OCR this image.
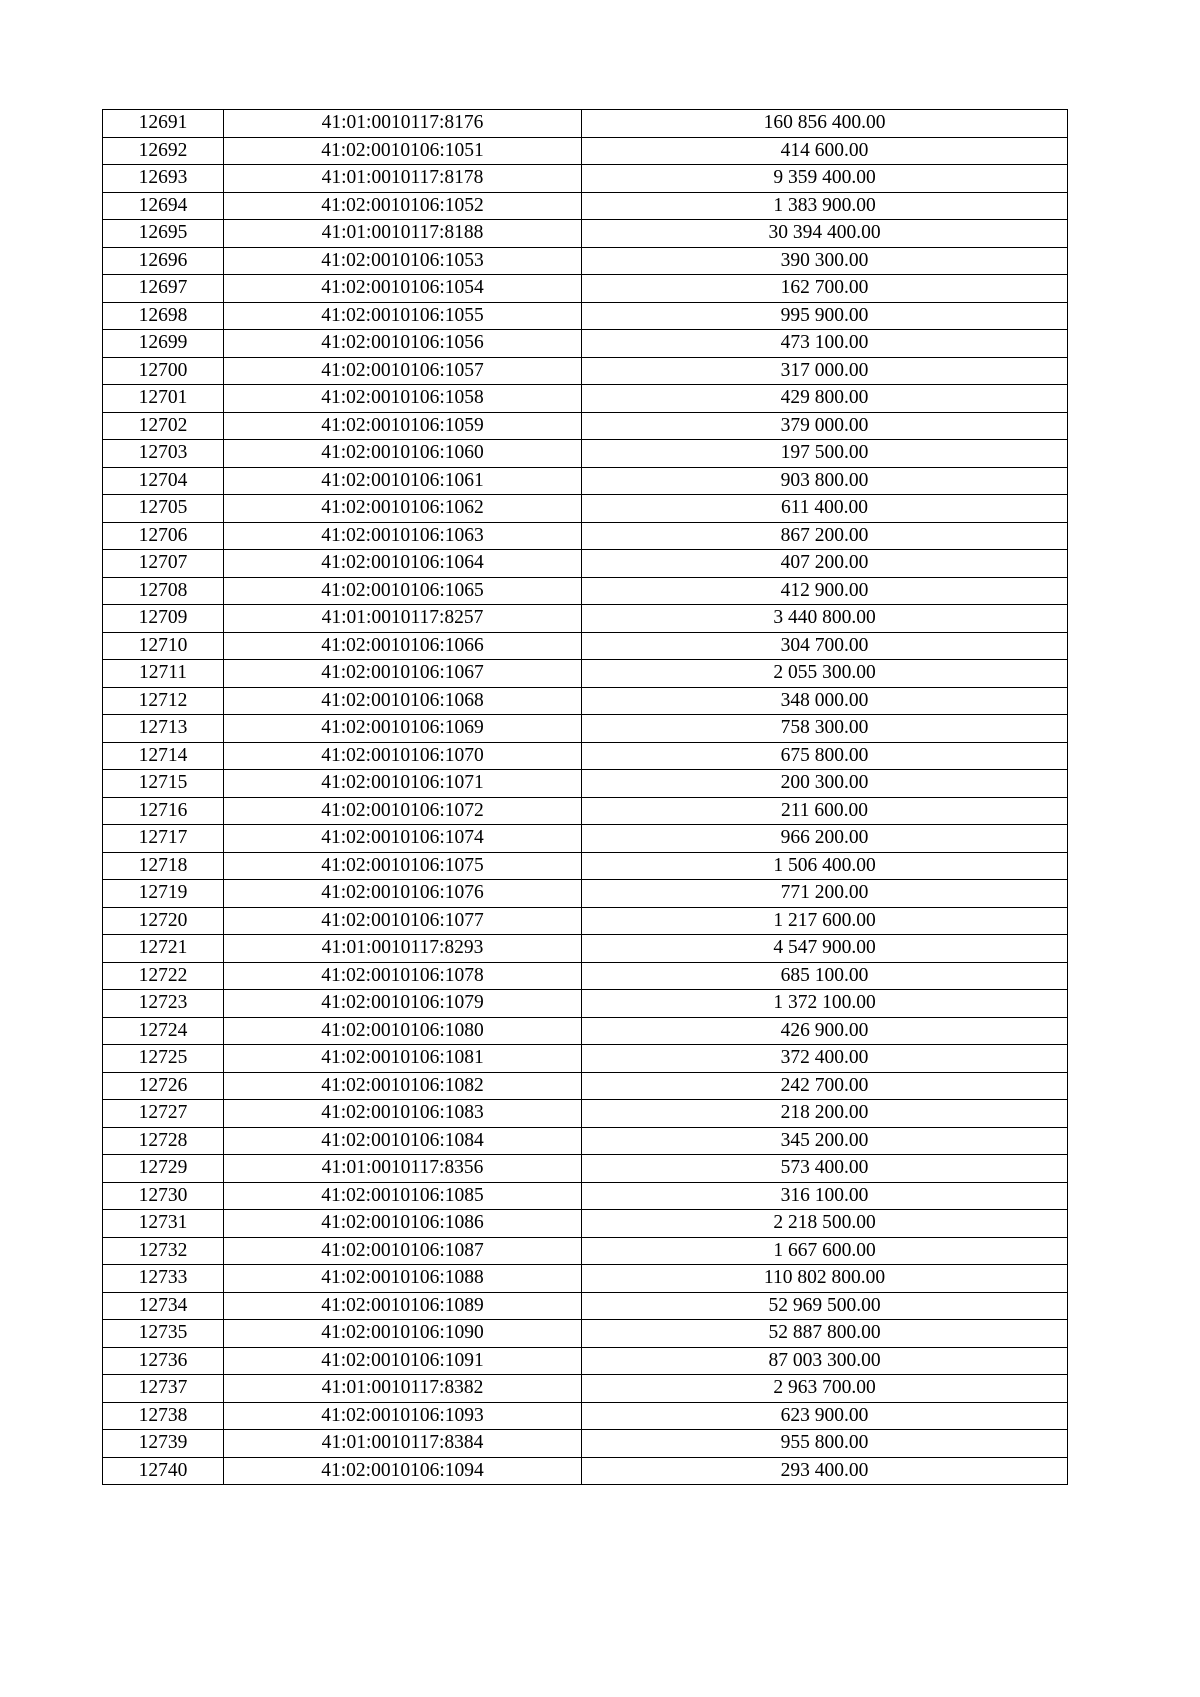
12691	41:01:0010117:8176	160 856 400.00
12692	41:02:0010106:1051	414 600.00
12693	41:01:0010117:8178	9 359 400.00
12694	41:02:0010106:1052	1 383 900.00
12695	41:01:0010117:8188	30 394 400.00
12696	41:02:0010106:1053	390 300.00
12697	41:02:0010106:1054	162 700.00
12698	41:02:0010106:1055	995 900.00
12699	41:02:0010106:1056	473 100.00
12700	41:02:0010106:1057	317 000.00
12701	41:02:0010106:1058	429 800.00
12702	41:02:0010106:1059	379 000.00
12703	41:02:0010106:1060	197 500.00
12704	41:02:0010106:1061	903 800.00
12705	41:02:0010106:1062	611 400.00
12706	41:02:0010106:1063	867 200.00
12707	41:02:0010106:1064	407 200.00
12708	41:02:0010106:1065	412 900.00
12709	41:01:0010117:8257	3 440 800.00
12710	41:02:0010106:1066	304 700.00
12711	41:02:0010106:1067	2 055 300.00
12712	41:02:0010106:1068	348 000.00
12713	41:02:0010106:1069	758 300.00
12714	41:02:0010106:1070	675 800.00
12715	41:02:0010106:1071	200 300.00
12716	41:02:0010106:1072	211 600.00
12717	41:02:0010106:1074	966 200.00
12718	41:02:0010106:1075	1 506 400.00
12719	41:02:0010106:1076	771 200.00
12720	41:02:0010106:1077	1 217 600.00
12721	41:01:0010117:8293	4 547 900.00
12722	41:02:0010106:1078	685 100.00
12723	41:02:0010106:1079	1 372 100.00
12724	41:02:0010106:1080	426 900.00
12725	41:02:0010106:1081	372 400.00
12726	41:02:0010106:1082	242 700.00
12727	41:02:0010106:1083	218 200.00
12728	41:02:0010106:1084	345 200.00
12729	41:01:0010117:8356	573 400.00
12730	41:02:0010106:1085	316 100.00
12731	41:02:0010106:1086	2 218 500.00
12732	41:02:0010106:1087	1 667 600.00
12733	41:02:0010106:1088	110 802 800.00
12734	41:02:0010106:1089	52 969 500.00
12735	41:02:0010106:1090	52 887 800.00
12736	41:02:0010106:1091	87 003 300.00
12737	41:01:0010117:8382	2 963 700.00
12738	41:02:0010106:1093	623 900.00
12739	41:01:0010117:8384	955 800.00
12740	41:02:0010106:1094	293 400.00
